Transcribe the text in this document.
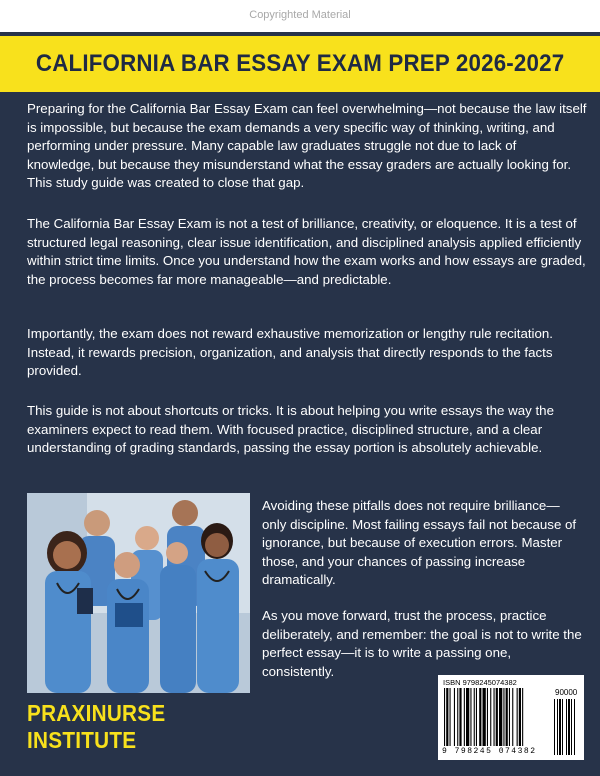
Copyrighted Material
CALIFORNIA BAR ESSAY EXAM PREP 2026-2027

Preparing for the California Bar Essay Exam can feel overwhelming—not because the law itself is impossible, but because the exam demands a very specific way of thinking, writing, and performing under pressure. Many capable law graduates struggle not due to lack of knowledge, but because they misunderstand what the essay graders are actually looking for. This study guide was created to close that gap.

The California Bar Essay Exam is not a test of brilliance, creativity, or eloquence. It is a test of structured legal reasoning, clear issue identification, and disciplined analysis applied efficiently within strict time limits. Once you understand how the exam works and how essays are graded, the process becomes far more manageable—and predictable.

Importantly, the exam does not reward exhaustive memorization or lengthy rule recitation. Instead, it rewards precision, organization, and analysis that directly responds to the facts provided.

This guide is not about shortcuts or tricks. It is about helping you write essays the way the examiners expect to read them. With focused practice, disciplined structure, and a clear understanding of grading standards, passing the essay portion is absolutely achievable.

Avoiding these pitfalls does not require brilliance—only discipline. Most failing essays fail not because of ignorance, but because of execution errors. Master those, and your chances of passing increase dramatically.

As you move forward, trust the process, practice deliberately, and remember: the goal is not to write the perfect essay—it is to write a passing one, consistently.

PRAXINURSE INSTITUTE
ISBN 9798245074382
90000
9 798245 074382
